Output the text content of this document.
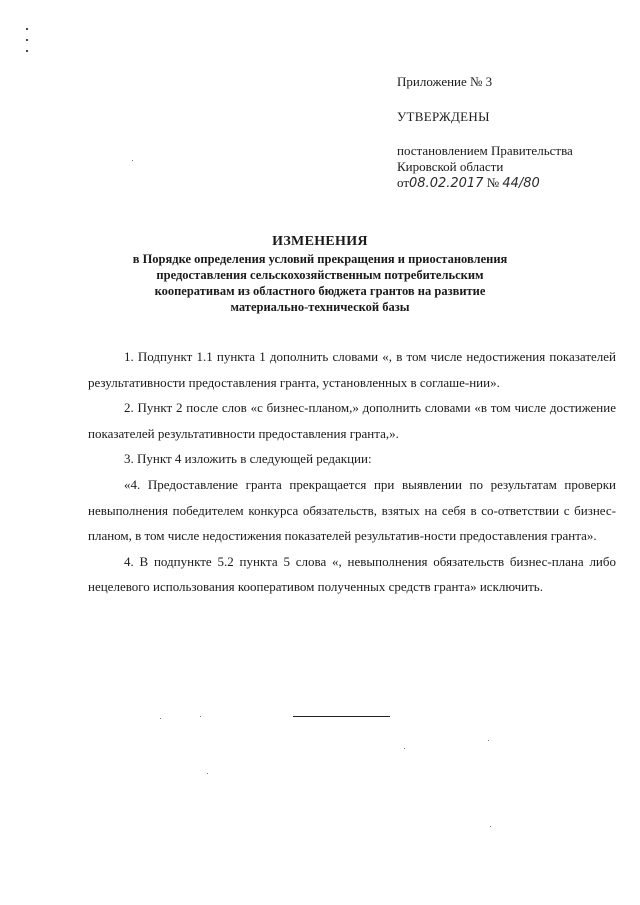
Приложение № 3
УТВЕРЖДЕНЫ
постановлением Правительства
Кировской области
от08.02.2017 № 44/80
ИЗМЕНЕНИЯ
в Порядке определения условий прекращения и приостановления
предоставления сельскохозяйственным потребительским
кооперативам из областного бюджета грантов на развитие
материально-технической базы

1. Подпункт 1.1 пункта 1 дополнить словами «, в том числе недостижения показателей результативности предоставления гранта, установленных в соглаше-нии».

2. Пункт 2 после слов «с бизнес-планом,» дополнить словами «в том числе достижение показателей результативности предоставления гранта,».

3. Пункт 4 изложить в следующей редакции:

«4. Предоставление гранта прекращается при выявлении по результатам проверки невыполнения победителем конкурса обязательств, взятых на себя в со-ответствии с бизнес-планом, в том числе недостижения показателей результатив-ности предоставления гранта».

4. В подпункте 5.2 пункта 5 слова «, невыполнения обязательств бизнес-плана либо нецелевого использования кооперативом полученных средств гранта» исключить.
